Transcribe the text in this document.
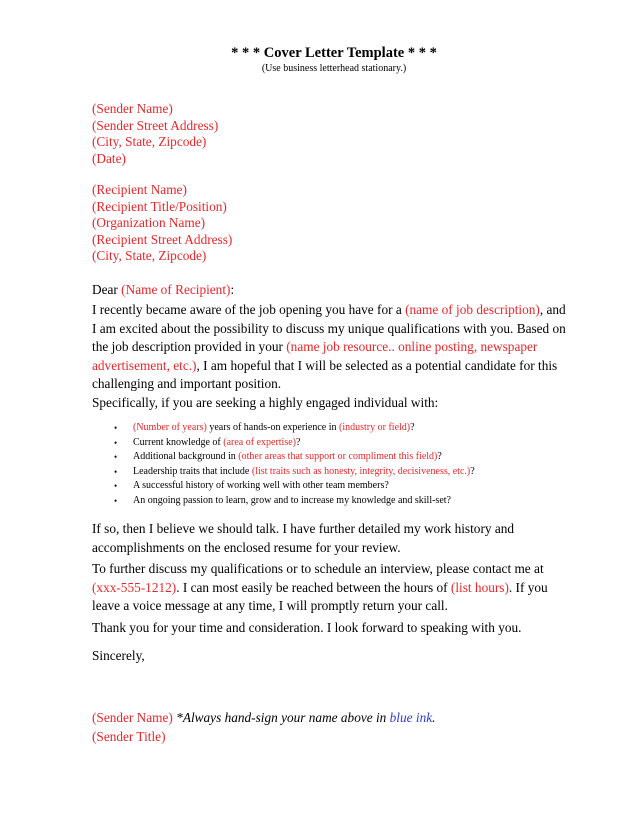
* * * Cover Letter Template * * *
(Use business letterhead stationary.)
(Sender Name)
(Sender Street Address)
(City, State, Zipcode)
(Date)
(Recipient Name)
(Recipient Title/Position)
(Organization Name)
(Recipient Street Address)
(City, State, Zipcode)
Dear (Name of Recipient):
I recently became aware of the job opening you have for a (name of job description), and
I am excited about the possibility to discuss my unique qualifications with you. Based on
the job description provided in your (name job resource.. online posting, newspaper
advertisement, etc.), I am hopeful that I will be selected as a potential candidate for this
challenging and important position.
Specifically, if you are seeking a highly engaged individual with:
• (Number of years) years of hands-on experience in (industry or field)?
• Current knowledge of (area of expertise)?
• Additional background in (other areas that support or compliment this field)?
• Leadership traits that include (list traits such as honesty, integrity, decisiveness, etc.)?
• A successful history of working well with other team members?
• An ongoing passion to learn, grow and to increase my knowledge and skill-set?
If so, then I believe we should talk. I have further detailed my work history and
accomplishments on the enclosed resume for your review.
To further discuss my qualifications or to schedule an interview, please contact me at
(xxx-555-1212). I can most easily be reached between the hours of (list hours). If you
leave a voice message at any time, I will promptly return your call.
Thank you for your time and consideration. I look forward to speaking with you.
Sincerely,
(Sender Name) *Always hand-sign your name above in blue ink.
(Sender Title)
